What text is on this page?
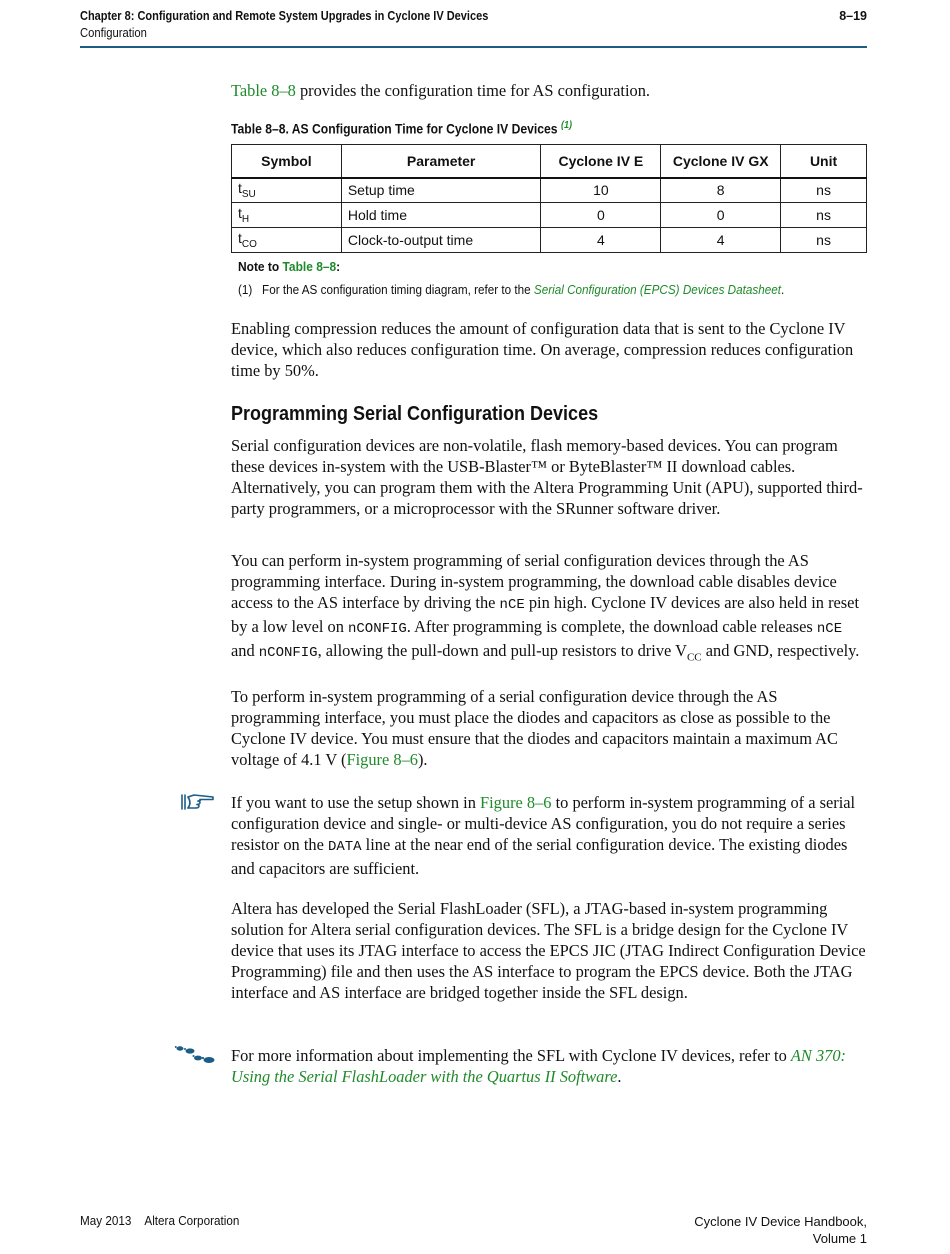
Chapter 8: Configuration and Remote System Upgrades in Cyclone IV Devices
Configuration
8–19

Table 8–8 provides the configuration time for AS configuration.

Table 8–8. AS Configuration Time for Cyclone IV Devices $^{(1)}$
Symbol	Parameter	Cyclone IV E	Cyclone IV GX	Unit
$t_{SU}$	Setup time	10	8	ns
$t_H$	Hold time	0	0	ns
$t_{CO}$	Clock-to-output time	4	4	ns
Note to Table 8–8:
(1) For the AS configuration timing diagram, refer to the Serial Configuration (EPCS) Devices Datasheet.

Enabling compression reduces the amount of configuration data that is sent to the Cyclone IV device, which also reduces configuration time. On average, compression reduces configuration time by 50%.

Programming Serial Configuration Devices

Serial configuration devices are non-volatile, flash memory-based devices. You can program these devices in-system with the USB-Blaster™ or ByteBlaster™ II download cables. Alternatively, you can program them with the Altera Programming Unit (APU), supported third-party programmers, or a microprocessor with the SRunner software driver.

You can perform in-system programming of serial configuration devices through the AS programming interface. During in-system programming, the download cable disables device access to the AS interface by driving the nCE pin high. Cyclone IV devices are also held in reset by a low level on nCONFIG. After programming is complete, the download cable releases nCE and nCONFIG, allowing the pull-down and pull-up resistors to drive $V_{CC}$ and GND, respectively.

To perform in-system programming of a serial configuration device through the AS programming interface, you must place the diodes and capacitors as close as possible to the Cyclone IV device. You must ensure that the diodes and capacitors maintain a maximum AC voltage of 4.1 V (Figure 8–6).

If you want to use the setup shown in Figure 8–6 to perform in-system programming of a serial configuration device and single- or multi-device AS configuration, you do not require a series resistor on the DATA line at the near end of the serial configuration device. The existing diodes and capacitors are sufficient.

Altera has developed the Serial FlashLoader (SFL), a JTAG-based in-system programming solution for Altera serial configuration devices. The SFL is a bridge design for the Cyclone IV device that uses its JTAG interface to access the EPCS JIC (JTAG Indirect Configuration Device Programming) file and then uses the AS interface to program the EPCS device. Both the JTAG interface and AS interface are bridged together inside the SFL design.

For more information about implementing the SFL with Cyclone IV devices, refer to AN 370: Using the Serial FlashLoader with the Quartus II Software.

May 2013 Altera Corporation	Cyclone IV Device Handbook,
Volume 1
